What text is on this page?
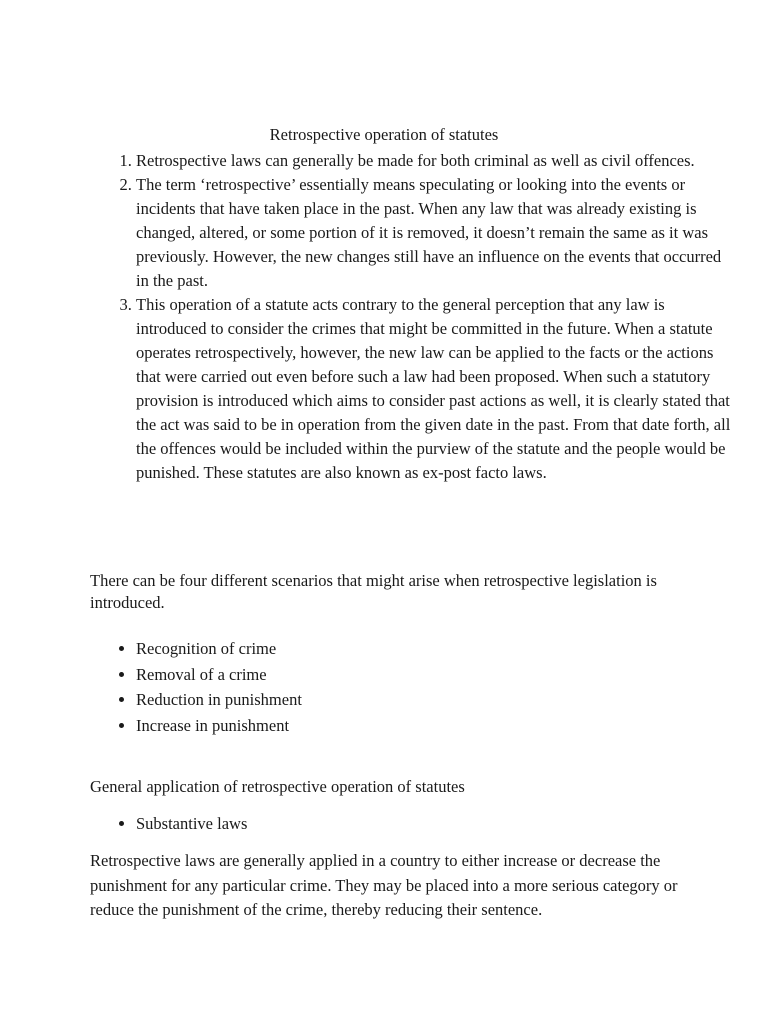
Retrospective operation of statutes
1. Retrospective laws can generally be made for both criminal as well as civil offences.
2. The term ‘retrospective’ essentially means speculating or looking into the events or incidents that have taken place in the past. When any law that was already existing is changed, altered, or some portion of it is removed, it doesn’t remain the same as it was previously. However, the new changes still have an influence on the events that occurred in the past.
3. This operation of a statute acts contrary to the general perception that any law is introduced to consider the crimes that might be committed in the future. When a statute operates retrospectively, however, the new law can be applied to the facts or the actions that were carried out even before such a law had been proposed. When such a statutory provision is introduced which aims to consider past actions as well, it is clearly stated that the act was said to be in operation from the given date in the past. From that date forth, all the offences would be included within the purview of the statute and the people would be punished. These statutes are also known as ex-post facto laws.

There can be four different scenarios that might arise when retrospective legislation is introduced.

• Recognition of crime
• Removal of a crime
• Reduction in punishment
• Increase in punishment

General application of retrospective operation of statutes

• Substantive laws

Retrospective laws are generally applied in a country to either increase or decrease the punishment for any particular crime. They may be placed into a more serious category or reduce the punishment of the crime, thereby reducing their sentence.
